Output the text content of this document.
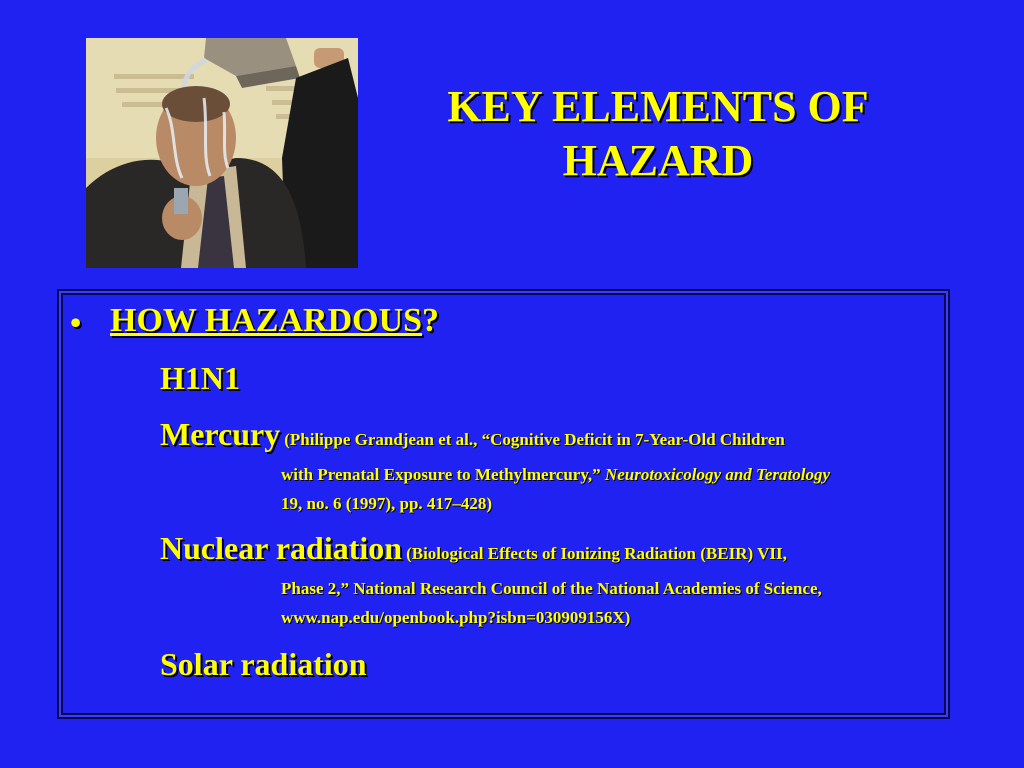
KEY ELEMENTS OF
HAZARD
• HOW HAZARDOUS?
H1N1
Mercury (Philippe Grandjean et al., “Cognitive Deficit in 7-Year-Old Children
with Prenatal Exposure to Methylmercury,” Neurotoxicology and Teratology
19, no. 6 (1997), pp. 417–428)
Nuclear radiation (Biological Effects of Ionizing Radiation (BEIR) VII,
Phase 2,” National Research Council of the National Academies of Science,
www.nap.edu/openbook.php?isbn=030909156X)
Solar radiation
